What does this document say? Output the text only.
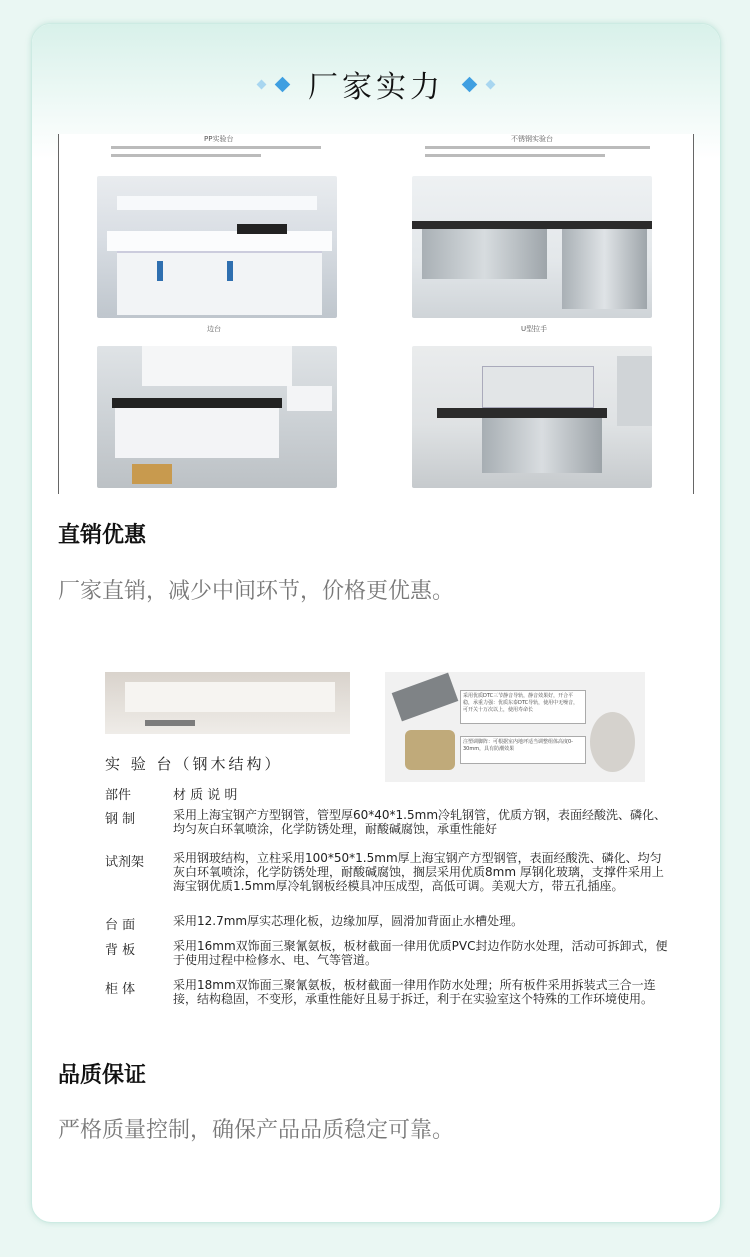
厂家实力
PP实验台	不锈钢实验台
边台	U型拉手
直销优惠
厂家直销，减少中间环节，价格更优惠。
采用优质DTC三节静音导轨，静音效果好，开合平稳，承重力强：优质东泰DTC导轨，使用中无噪音，可开关十万次以上，使用寿命长
注塑调脚阵：可根据室内地坪适当调整组体高度0-30mm，具有防潮效果
实 验 台（钢木结构）
部件	材 质 说 明
钢 制	采用上海宝钢产方型钢管，管型厚60*40*1.5mm冷轧钢管，优质方钢，表面经酸洗、磷化、均匀灰白环氧喷涂，化学防锈处理，耐酸碱腐蚀，承重性能好
试剂架 采用钢玻结构，立柱采用100*50*1.5mm厚上海宝钢产方型钢管，表面经酸洗、磷化、均匀灰白环氧喷涂，化学防锈处理，耐酸碱腐蚀，搁层采用优质8mm 厚钢化玻璃，支撑件采用上海宝钢优质1.5mm厚冷轧钢板经模具冲压成型，高低可调。美观大方，带五孔插座。
台 面	采用12.7mm厚实芯理化板，边缘加厚，圆滑加背面止水槽处理。
背 板	采用16mm双饰面三聚氰氨板，板材截面一律用优质PVC封边作防水处理，活动可拆卸式，便于使用过程中检修水、电、气等管道。
柜 体	采用18mm双饰面三聚氰氨板，板材截面一律用作防水处理；所有板件采用拆装式三合一连接，结构稳固，不变形，承重性能好且易于拆迁，利于在实验室这个特殊的工作环境使用。
品质保证
严格质量控制，确保产品品质稳定可靠。
